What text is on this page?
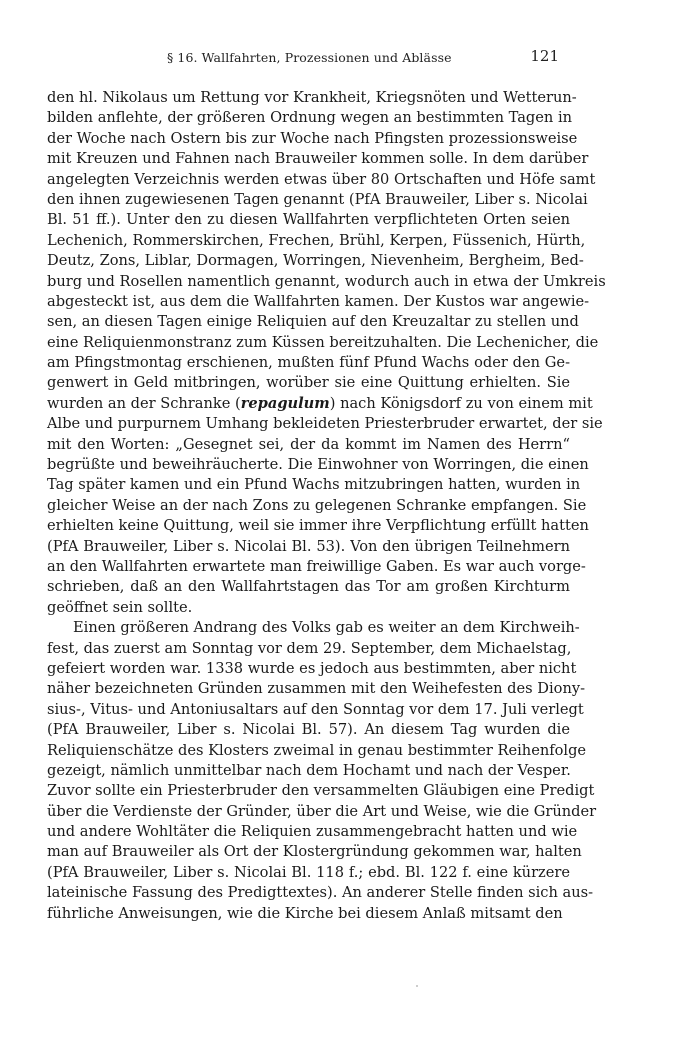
§ 16. Wallfahrten, Prozessionen und Ablässe	121
den hl. Nikolaus um Rettung vor Krankheit, Kriegsnöten und Wetterun-
bilden anflehte, der größeren Ordnung wegen an bestimmten Tagen in
der Woche nach Ostern bis zur Woche nach Pfingsten prozessionsweise
mit Kreuzen und Fahnen nach Brauweiler kommen solle. In dem darüber
angelegten Verzeichnis werden etwas über 80 Ortschaften und Höfe samt
den ihnen zugewiesenen Tagen genannt (PfA Brauweiler, Liber s. Nicolai
Bl. 51 ff.). Unter den zu diesen Wallfahrten verpflichteten Orten seien
Lechenich, Rommerskirchen, Frechen, Brühl, Kerpen, Füssenich, Hürth,
Deutz, Zons, Liblar, Dormagen, Worringen, Nievenheim, Bergheim, Bed-
burg und Rosellen namentlich genannt, wodurch auch in etwa der Umkreis
abgesteckt ist, aus dem die Wallfahrten kamen. Der Kustos war angewie-
sen, an diesen Tagen einige Reliquien auf den Kreuzaltar zu stellen und
eine Reliquienmonstranz zum Küssen bereitzuhalten. Die Lechenicher, die
am Pfingstmontag erschienen, mußten fünf Pfund Wachs oder den Ge-
genwert in Geld mitbringen, worüber sie eine Quittung erhielten. Sie
wurden an der Schranke (repagulum) nach Königsdorf zu von einem mit
Albe und purpurnem Umhang bekleideten Priesterbruder erwartet, der sie
mit den Worten: „Gesegnet sei, der da kommt im Namen des Herrn“
begrüßte und beweihräucherte. Die Einwohner von Worringen, die einen
Tag später kamen und ein Pfund Wachs mitzubringen hatten, wurden in
gleicher Weise an der nach Zons zu gelegenen Schranke empfangen. Sie
erhielten keine Quittung, weil sie immer ihre Verpflichtung erfüllt hatten
(PfA Brauweiler, Liber s. Nicolai Bl. 53). Von den übrigen Teilnehmern
an den Wallfahrten erwartete man freiwillige Gaben. Es war auch vorge-
schrieben, daß an den Wallfahrtstagen das Tor am großen Kirchturm
geöffnet sein sollte.
Einen größeren Andrang des Volks gab es weiter an dem Kirchweih-
fest, das zuerst am Sonntag vor dem 29. September, dem Michaelstag,
gefeiert worden war. 1338 wurde es jedoch aus bestimmten, aber nicht
näher bezeichneten Gründen zusammen mit den Weihefesten des Diony-
sius-, Vitus- und Antoniusaltars auf den Sonntag vor dem 17. Juli verlegt
(PfA Brauweiler, Liber s. Nicolai Bl. 57). An diesem Tag wurden die
Reliquienschätze des Klosters zweimal in genau bestimmter Reihenfolge
gezeigt, nämlich unmittelbar nach dem Hochamt und nach der Vesper.
Zuvor sollte ein Priesterbruder den versammelten Gläubigen eine Predigt
über die Verdienste der Gründer, über die Art und Weise, wie die Gründer
und andere Wohltäter die Reliquien zusammengebracht hatten und wie
man auf Brauweiler als Ort der Klostergründung gekommen war, halten
(PfA Brauweiler, Liber s. Nicolai Bl. 118 f.; ebd. Bl. 122 f. eine kürzere
lateinische Fassung des Predigttextes). An anderer Stelle finden sich aus-
führliche Anweisungen, wie die Kirche bei diesem Anlaß mitsamt den
